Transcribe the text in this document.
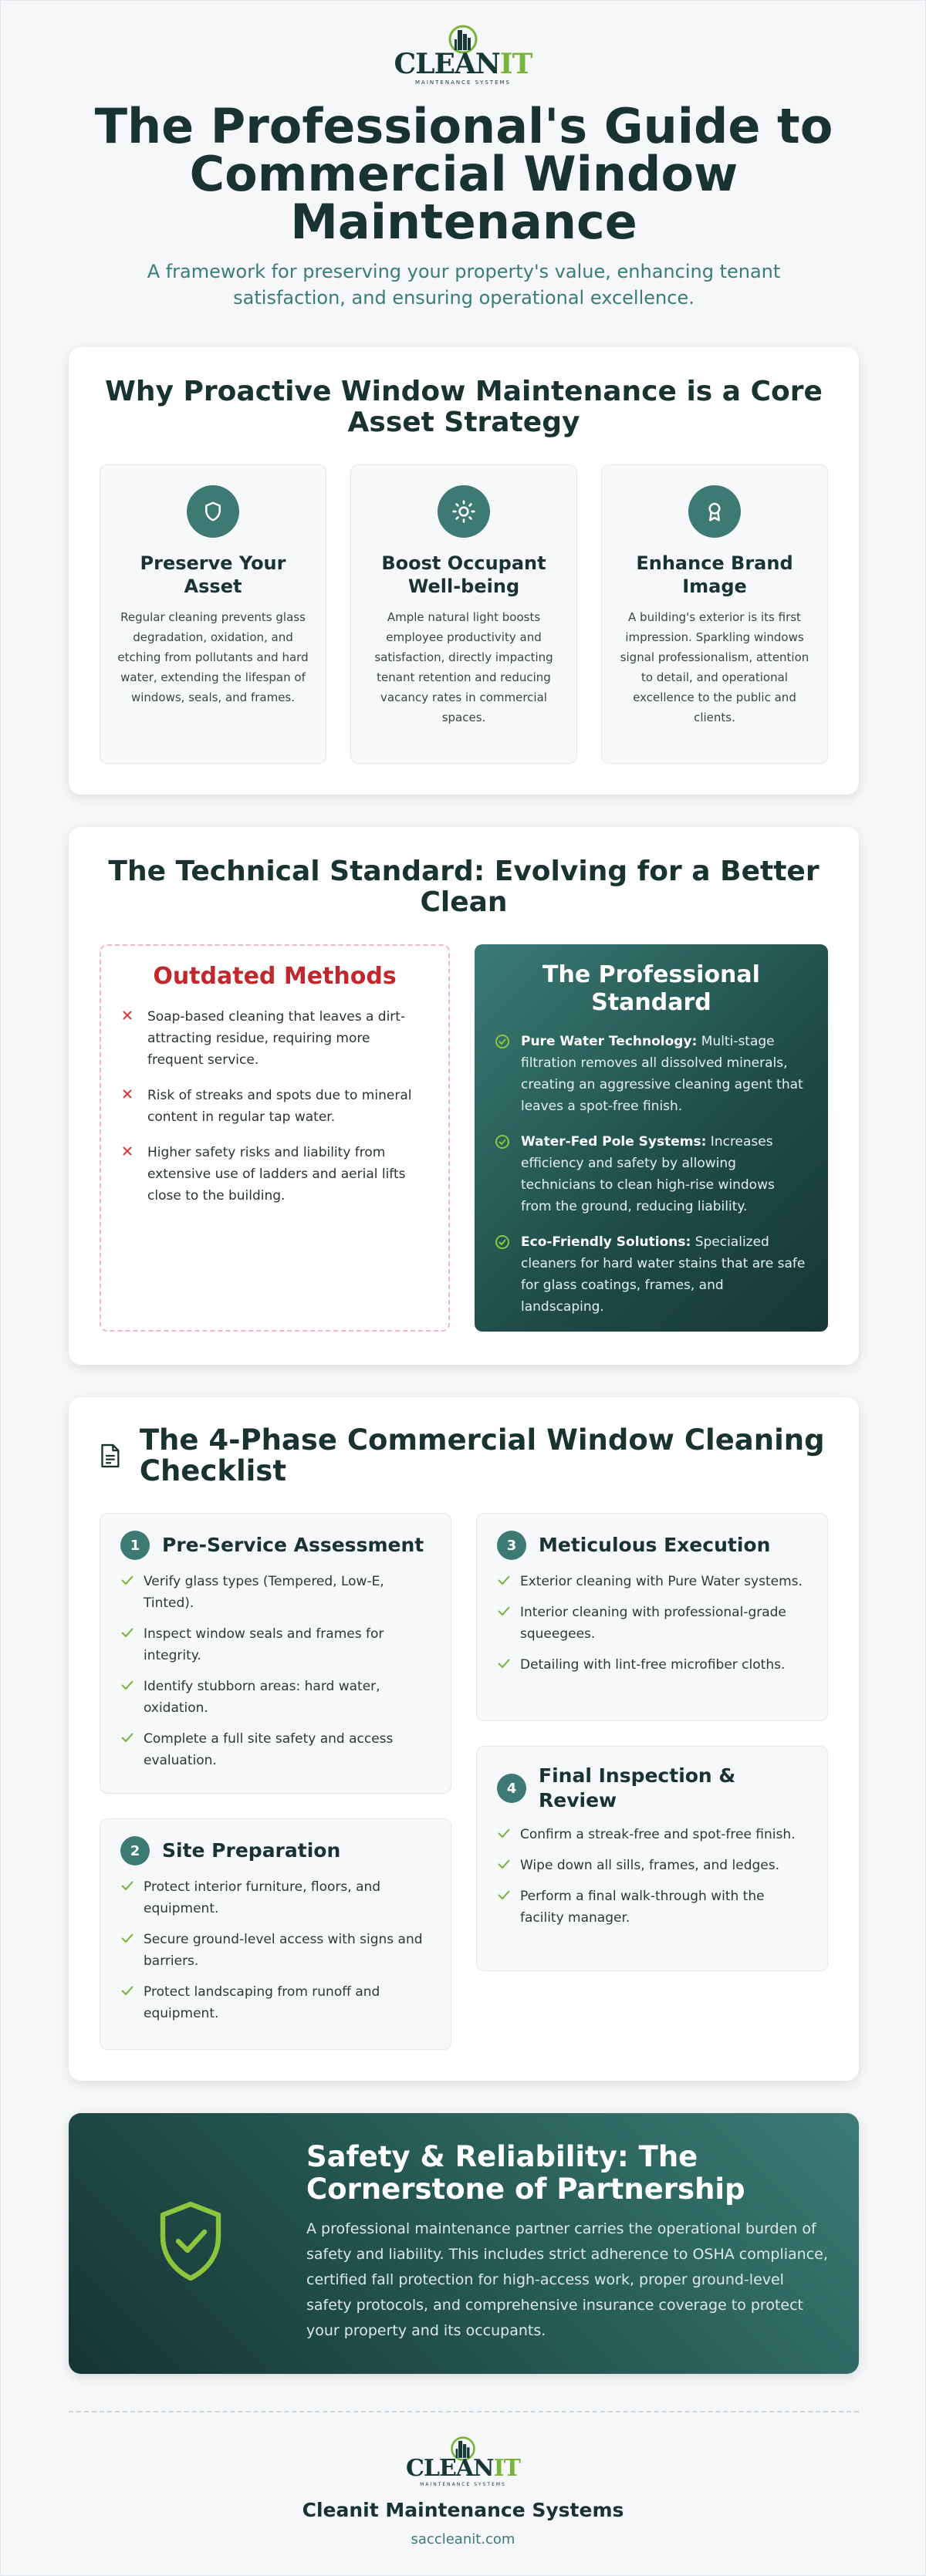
CLEANIT
MAINTENANCE SYSTEMS
The Professional's Guide to Commercial Window Maintenance

A framework for preserving your property's value, enhancing tenant satisfaction, and ensuring operational excellence.

Why Proactive Window Maintenance is a Core Asset Strategy
Preserve Your Asset

Regular cleaning prevents glass degradation, oxidation, and etching from pollutants and hard water, extending the lifespan of windows, seals, and frames.

Boost Occupant Well-being

Ample natural light boosts employee productivity and satisfaction, directly impacting tenant retention and reducing vacancy rates in commercial spaces.

Enhance Brand Image

A building's exterior is its first impression. Sparkling windows signal professionalism, attention to detail, and operational excellence to the public and clients.

The Technical Standard: Evolving for a Better Clean
Outdated Methods
Soap-based cleaning that leaves a dirt-attracting residue, requiring more frequent service.
Risk of streaks and spots due to mineral content in regular tap water.
Higher safety risks and liability from extensive use of ladders and aerial lifts close to the building.
The Professional Standard
Pure Water Technology: Multi-stage filtration removes all dissolved minerals, creating an aggressive cleaning agent that leaves a spot-free finish.
Water-Fed Pole Systems: Increases efficiency and safety by allowing technicians to clean high-rise windows from the ground, reducing liability.
Eco-Friendly Solutions: Specialized cleaners for hard water stains that are safe for glass coatings, frames, and landscaping.
The 4-Phase Commercial Window Cleaning Checklist
1	Pre-Service Assessment
Verify glass types (Tempered, Low-E, Tinted).
Inspect window seals and frames for integrity.
Identify stubborn areas: hard water, oxidation.
Complete a full site safety and access evaluation.
2	Site Preparation
Protect interior furniture, floors, and equipment.
Secure ground-level access with signs and barriers.
Protect landscaping from runoff and equipment.
3	Meticulous Execution
Exterior cleaning with Pure Water systems.
Interior cleaning with professional-grade squeegees.
Detailing with lint-free microfiber cloths.
4
Final Inspection & Review
Confirm a streak-free and spot-free finish.
Wipe down all sills, frames, and ledges.
Perform a final walk-through with the facility manager.
Safety & Reliability: The Cornerstone of Partnership

A professional maintenance partner carries the operational burden of safety and liability. This includes strict adherence to OSHA compliance, certified fall protection for high-access work, proper ground-level safety protocols, and comprehensive insurance coverage to protect your property and its occupants.

CLEANIT
MAINTENANCE SYSTEMS
Cleanit Maintenance Systems
saccleanit.com
